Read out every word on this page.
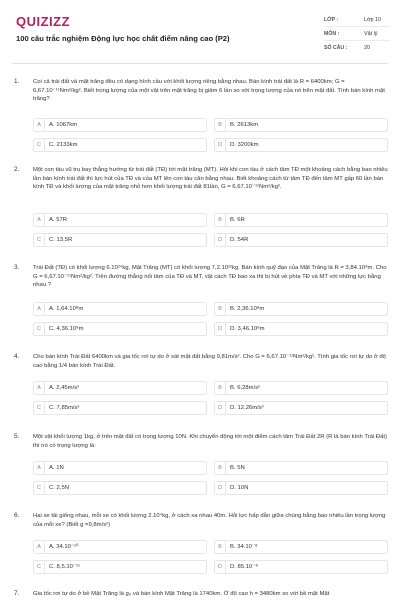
QUIZIZZ
100 câu trắc nghiệm Động lực học chất điểm nâng cao (P2)
LỚP :	Lớp 10
MÔN :	Vật lý
SỐ CÂU :	20
1. Coi cả trái đất và mặt trăng đều có dạng hình cầu với khối lượng riêng bằng nhau. Bán kính trái đất là R = 6400km; G = 6,67.10⁻¹¹Nm²/kg². Biết trọng lượng của một vật trên mặt trăng bị giảm 6 lần so với trọng lượng của nó trên mặt đất. Tính bán kính mặt trăng?
A	A. 1067km	B	B. 2613km
C	C. 2133km	D	D. 3200km
2. Một con tàu vũ trụ bay thẳng hướng từ trái đất (TĐ) tới mặt trăng (MT). Hỏi khi con tàu ở cách tâm TĐ một khoảng cách bằng bao nhiêu lần bán kính trái đất thì lực hút của TĐ và của MT lên con tàu cân bằng nhau. Biết khoảng cách từ tâm TĐ đến tâm MT gấp 60 lần bán kính TĐ và khối lượng của mặt trăng nhỏ hơn khối lượng trái đất 81lần, G = 6,67.10⁻¹¹Nm²/kg².
A	A. 57R	B	B. 6R
C	C. 13,5R	D	D. 54R
3. Trái Đất (TĐ) có khối lượng 6.10²⁴kg, Mặt Trăng (MT) có khối lượng 7,2.10²²kg. Bán kính quỹ đạo của Mặt Trăng là R = 3,84.10⁸m. Cho G = 6,67.10⁻¹¹Nm²/kg². Trên đường thẳng nối tâm của TĐ và MT, vật cách TĐ bao xa thì bị hút về phía TĐ và MT với những lực bằng nhau ?
A	A. 1,64.10⁸m	B	B. 2,36.10⁸m
C	C. 4,36.10⁸m	D	D. 3,46.10⁸m
4. Cho bán kính Trái Đất 6400km và gia tốc rơi tự do ở sát mặt đất bằng 9,81m/s². Cho G = 6,67.10⁻¹¹Nm²/kg². Tính gia tốc rơi tự do ở độ cao bằng 1/4 bán kính Trái Đất.
A	A. 2,45m/s²	B	B. 6,28m/s²
C	C. 7,85m/s²	D	D. 12,26m/s²
5. Một vật khối lượng 1kg, ở trên mặt đất có trọng lượng 10N. Khi chuyển động tới một điểm cách tâm Trái Đất 2R (R là bán kính Trái Đất) thì nó có trọng lượng là:
A	A. 1N	B	B. 5N
C	C. 2,5N	D	D. 10N
6. Hai xe tải giống nhau, mỗi xe có khối lượng 2.10⁴kg, ở cách xa nhau 40m. Hỏi lực hấp dẫn giữa chúng bằng bao nhiêu lần trọng lượng của mỗi xe? (Biết g =9,8m/s²)
A	A. 34.10⁻¹⁰	B	B. 34.10⁻⁸
C	C. 8,5.10⁻¹¹	D	D. 85.10⁻⁸
7. Gia tốc rơi tự do ở bề Mặt Trăng là g₀ và bán kính Mặt Trăng là 1740km. Ở độ cao h = 3480km so với bề mặt Mặt
